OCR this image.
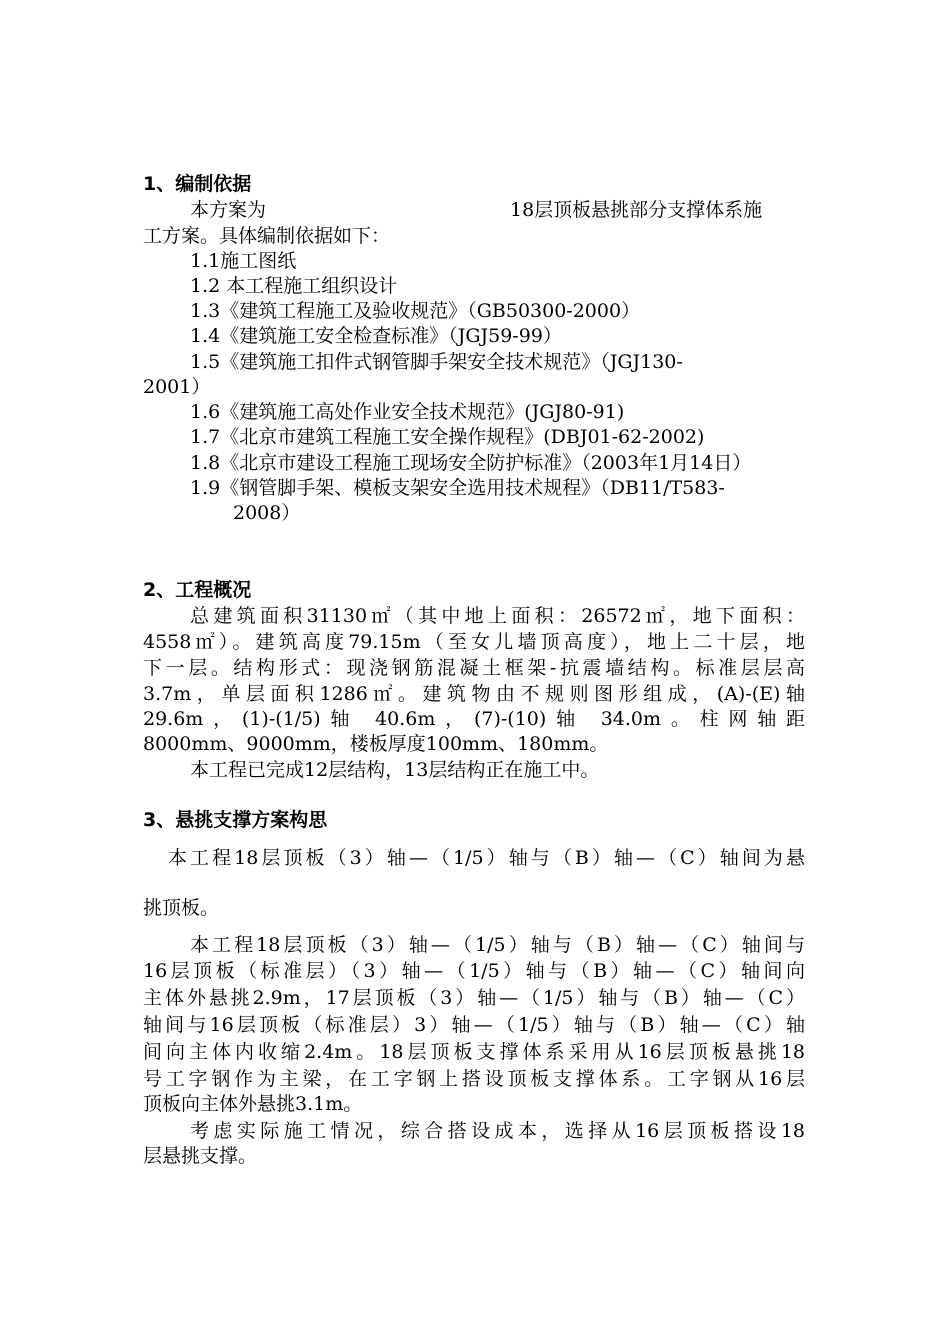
1、编制依据
本方案为	18层顶板悬挑部分支撑体系施
工方案。具体编制依据如下：
1.1施工图纸
1.2 本工程施工组织设计
1.3《建筑工程施工及验收规范》（GB50300-2000）
1.4《建筑施工安全检查标准》（JGJ59-99）
1.5《建筑施工扣件式钢管脚手架安全技术规范》（JGJ130-
2001）
1.6《建筑施工高处作业安全技术规范》(JGJ80-91)
1.7《北京市建筑工程施工安全操作规程》(DBJ01-62-2002)
1.8《北京市建设工程施工现场安全防护标准》（2003年1月14日）
1.9《钢管脚手架、模板支架安全选用技术规程》（DB11/T583-
2008）
2、工程概况
总建筑面积31130㎡（其中地上面积：26572㎡，地下面积：
4558㎡）。建筑高度79.15m（至女儿墙顶高度），地上二十层，地
下一层。结构形式：现浇钢筋混凝土框架-抗震墙结构。标准层层高
3.7m，单层面积1286㎡。建筑物由不规则图形组成，(A)-(E)轴
29.6m，(1)-(1/5)轴 40.6m，(7)-(10)轴 34.0m。柱网轴距
8000mm、9000mm，楼板厚度100mm、180mm。
本工程已完成12层结构，13层结构正在施工中。
3、悬挑支撑方案构思
本工程18层顶板（3）轴—（1/5）轴与（B）轴—（C）轴间为悬
挑顶板。
本工程18层顶板（3）轴—（1/5）轴与（B）轴—（C）轴间与
16层顶板（标准层）（3）轴—（1/5）轴与（B）轴—（C）轴间向
主体外悬挑2.9m，17层顶板（3）轴—（1/5）轴与（B）轴—（C）
轴间与16层顶板（标准层）3）轴—（1/5）轴与（B）轴—（C）轴
间向主体内收缩2.4m。18层顶板支撑体系采用从16层顶板悬挑18
号工字钢作为主梁，在工字钢上搭设顶板支撑体系。工字钢从16层
顶板向主体外悬挑3.1m。
考虑实际施工情况，综合搭设成本，选择从16层顶板搭设18
层悬挑支撑。
